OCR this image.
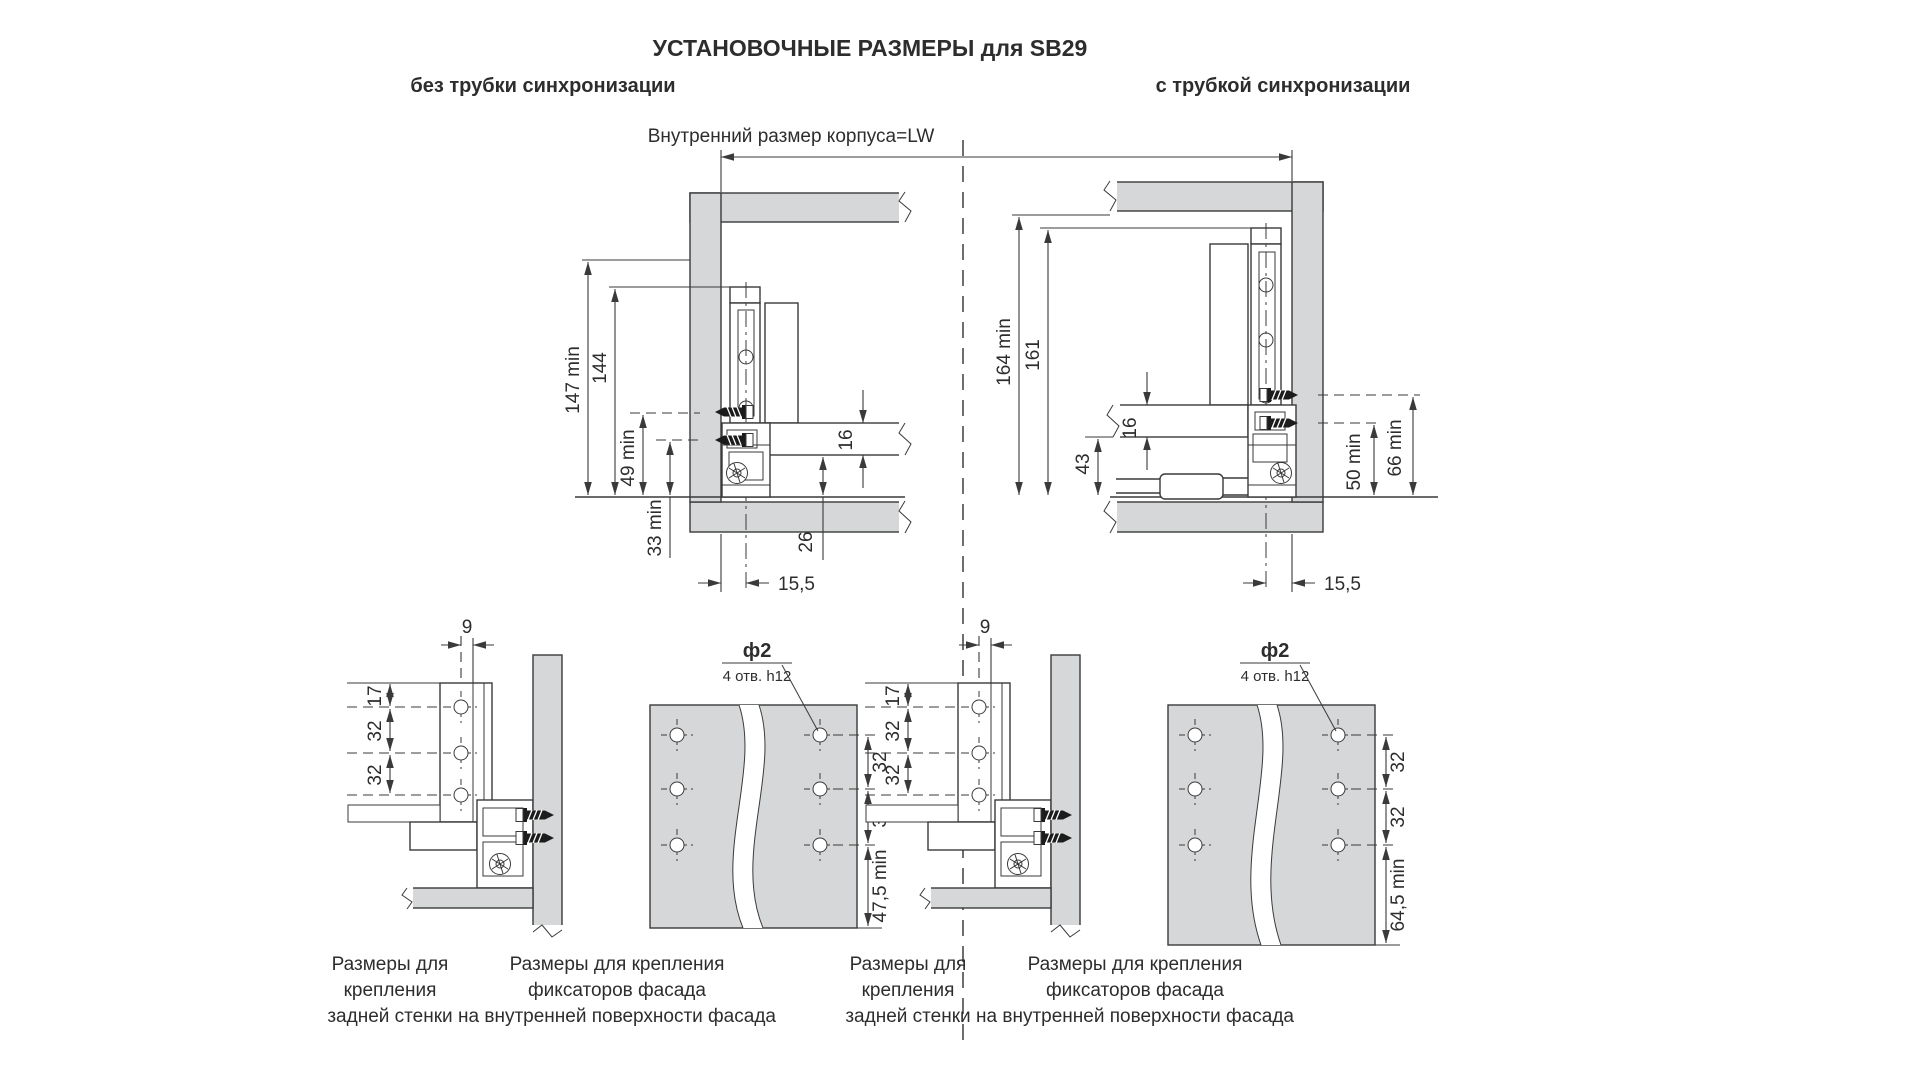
УСТАНОВОЧНЫЕ РАЗМЕРЫ для SB29
без трубки синхронизации	с трубкой синхронизации
Внутренний размер корпуса=LW
147 min 144
49 min
33 min	26
16
15,5
164 min 161
43
16
50 min 66 min
15,5
9
17
32
32
Размеры для
крепления
задней стенки
ф2
4 отв. h12
32
47,5 min
Размеры для крепления
фиксаторов фасада
на внутренней поверхности фасада
9
17
32
32
Размеры для
крепления
задней стенки
ф2
4 отв. h12
32
32
64,5 min
Размеры для крепления
фиксаторов фасада
на внутренней поверхности фасада
